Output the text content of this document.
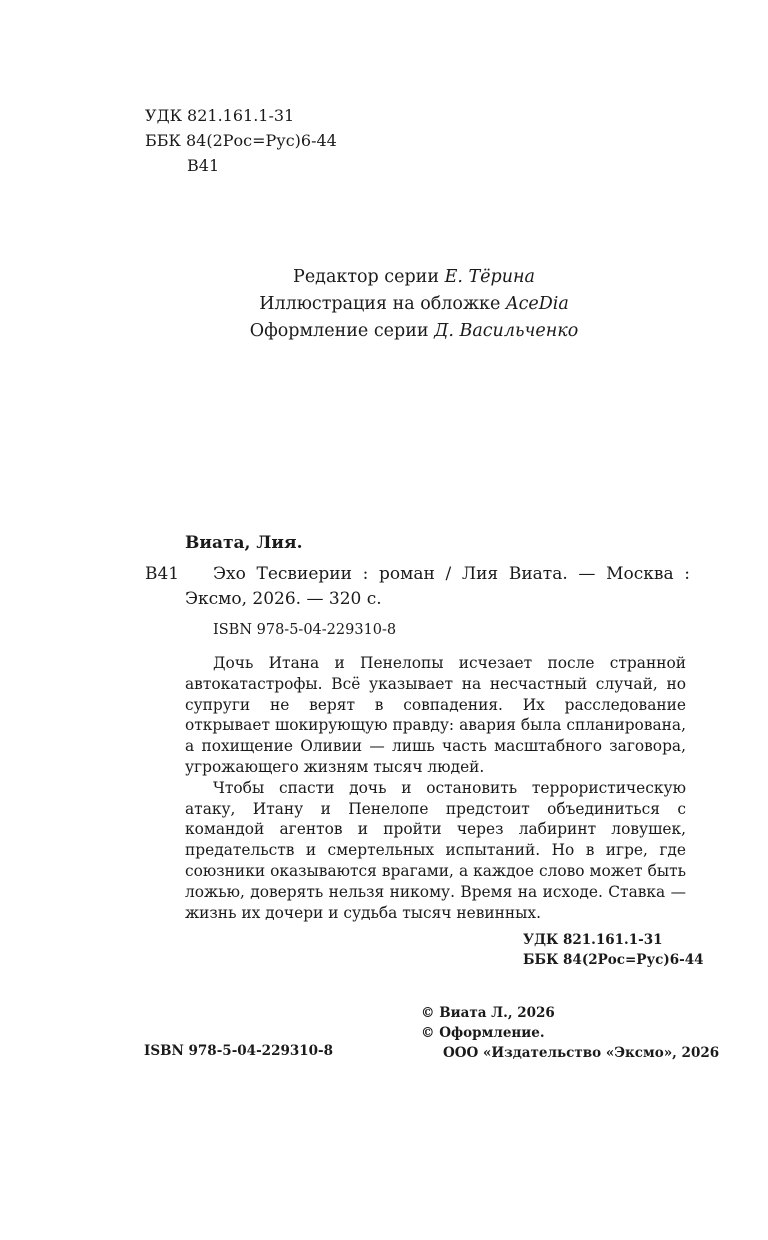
УДК 821.161.1-31
ББК 84(2Рос=Рус)6-44
В41
Редактор серии Е. Тёрина
Иллюстрация на обложке AceDia
Оформление серии Д. Васильченко
Виата, Лия.
В41	Эхо Тесвиерии : роман / Лия Виата. — Москва : Эксмо, 2026. — 320 с.
ISBN 978-5-04-229310-8

Дочь Итана и Пенелопы исчезает после странной автокатастрофы. Всё указывает на несчастный случай, но супруги не верят в совпадения. Их расследование открывает шокирующую правду: авария была спланирована, а похищение Оливии — лишь часть масштабного заговора, угрожающего жизням тысяч людей.

Чтобы спасти дочь и остановить террористическую атаку, Итану и Пенелопе предстоит объединиться с командой агентов и пройти через лабиринт ловушек, предательств и смертельных испытаний. Но в игре, где союзники оказываются врагами, а каждое слово может быть ложью, доверять нельзя никому. Время на исходе. Ставка — жизнь их дочери и судьба тысяч невинных.

УДК 821.161.1-31
ББК 84(2Рос=Рус)6-44
© Виата Л., 2026
© Оформление.
ООО «Издательство «Эксмо», 2026
ISBN 978-5-04-229310-8
